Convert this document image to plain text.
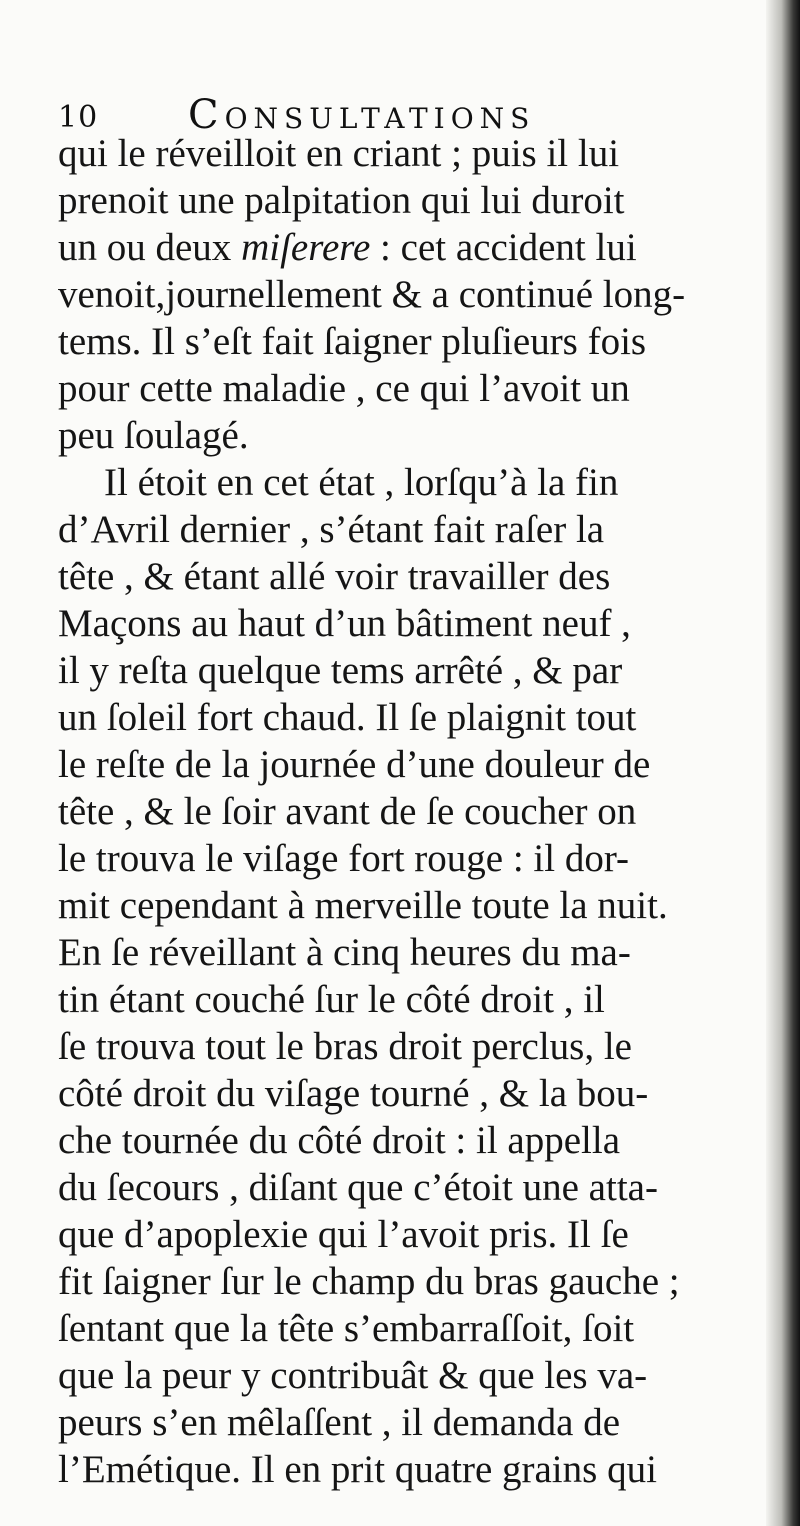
10 Consultations
qui le réveilloit en criant ; puis il lui
prenoit une palpitation qui lui duroit
un ou deux miſerere : cet accident lui
venoit,journellement & a continué long-
tems. Il s’eſt fait ſaigner pluſieurs fois
pour cette maladie , ce qui l’avoit un
peu ſoulagé.
Il étoit en cet état , lorſqu’à la fin
d’Avril dernier , s’étant fait raſer la
tête , & étant allé voir travailler des
Maçons au haut d’un bâtiment neuf ,
il y reſta quelque tems arrêté , & par
un ſoleil fort chaud. Il ſe plaignit tout
le reſte de la journée d’une douleur de
tête , & le ſoir avant de ſe coucher on
le trouva le viſage fort rouge : il dor-
mit cependant à merveille toute la nuit.
En ſe réveillant à cinq heures du ma-
tin étant couché ſur le côté droit , il
ſe trouva tout le bras droit perclus, le
côté droit du viſage tourné , & la bou-
che tournée du côté droit : il appella
du ſecours , diſant que c’étoit une atta-
que d’apoplexie qui l’avoit pris. Il ſe
fit ſaigner ſur le champ du bras gauche ;
ſentant que la tête s’embarraſſoit, ſoit
que la peur y contribuât & que les va-
peurs s’en mêlaſſent , il demanda de
l’Emétique. Il en prit quatre grains qui
